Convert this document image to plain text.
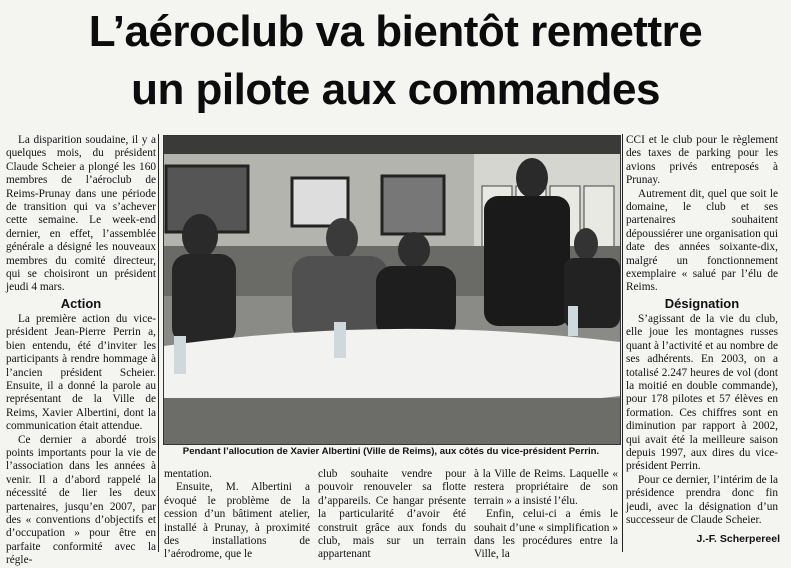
L’aéroclub va bientôt remettre
un pilote aux commandes

La disparition soudaine, il y a quelques mois, du président Claude Scheier a plongé les 160 membres de l’aéroclub de Reims-Prunay dans une période de transition qui va s’achever cette semaine. Le week-end dernier, en effet, l’assemblée générale a désigné les nouveaux membres du comité directeur, qui se choisiront un président jeudi 4 mars.

Action

La première action du vice-président Jean-Pierre Perrin a, bien entendu, été d’inviter les participants à rendre hommage à l’ancien président Scheier. Ensuite, il a donné la parole au représentant de la Ville de Reims, Xavier Albertini, dont la communication était attendue.

Ce dernier a abordé trois points importants pour la vie de l’association dans les années à venir. Il a d’abord rappelé la nécessité de lier les deux partenaires, jusqu’en 2007, par des « conventions d’objectifs et d’occupation » pour être en parfaite conformité avec la régle-

Pendant l’allocution de Xavier Albertini (Ville de Reims), aux côtés du vice-président Perrin.

mentation.

Ensuite, M. Albertini a évoqué le problème de la cession d’un bâtiment atelier, installé à Prunay, à proximité des installations de l’aérodrome, que le

club souhaite vendre pour pouvoir renouveler sa flotte d’appareils. Ce hangar présente la particularité d’avoir été construit grâce aux fonds du club, mais sur un terrain appartenant

à la Ville de Reims. Laquelle « restera propriétaire de son terrain » a insisté l’élu.

Enfin, celui-ci a émis le souhait d’une « simplification » dans les procédures entre la Ville, la

CCI et le club pour le règlement des taxes de parking pour les avions privés entreposés à Prunay.

Autrement dit, quel que soit le domaine, le club et ses partenaires souhaitent dépoussiérer une organisation qui date des années soixante-dix, malgré un fonctionnement exemplaire « salué par l’élu de Reims.

Désignation

S’agissant de la vie du club, elle joue les montagnes russes quant à l’activité et au nombre de ses adhérents. En 2003, on a totalisé 2.247 heures de vol (dont la moitié en double commande), pour 178 pilotes et 57 élèves en formation. Ces chiffres sont en diminution par rapport à 2002, qui avait été la meilleure saison depuis 1997, aux dires du vice-président Perrin.

Pour ce dernier, l’intérim de la présidence prendra donc fin jeudi, avec la désignation d’un successeur de Claude Scheier.

J.-F. Scherpereel
